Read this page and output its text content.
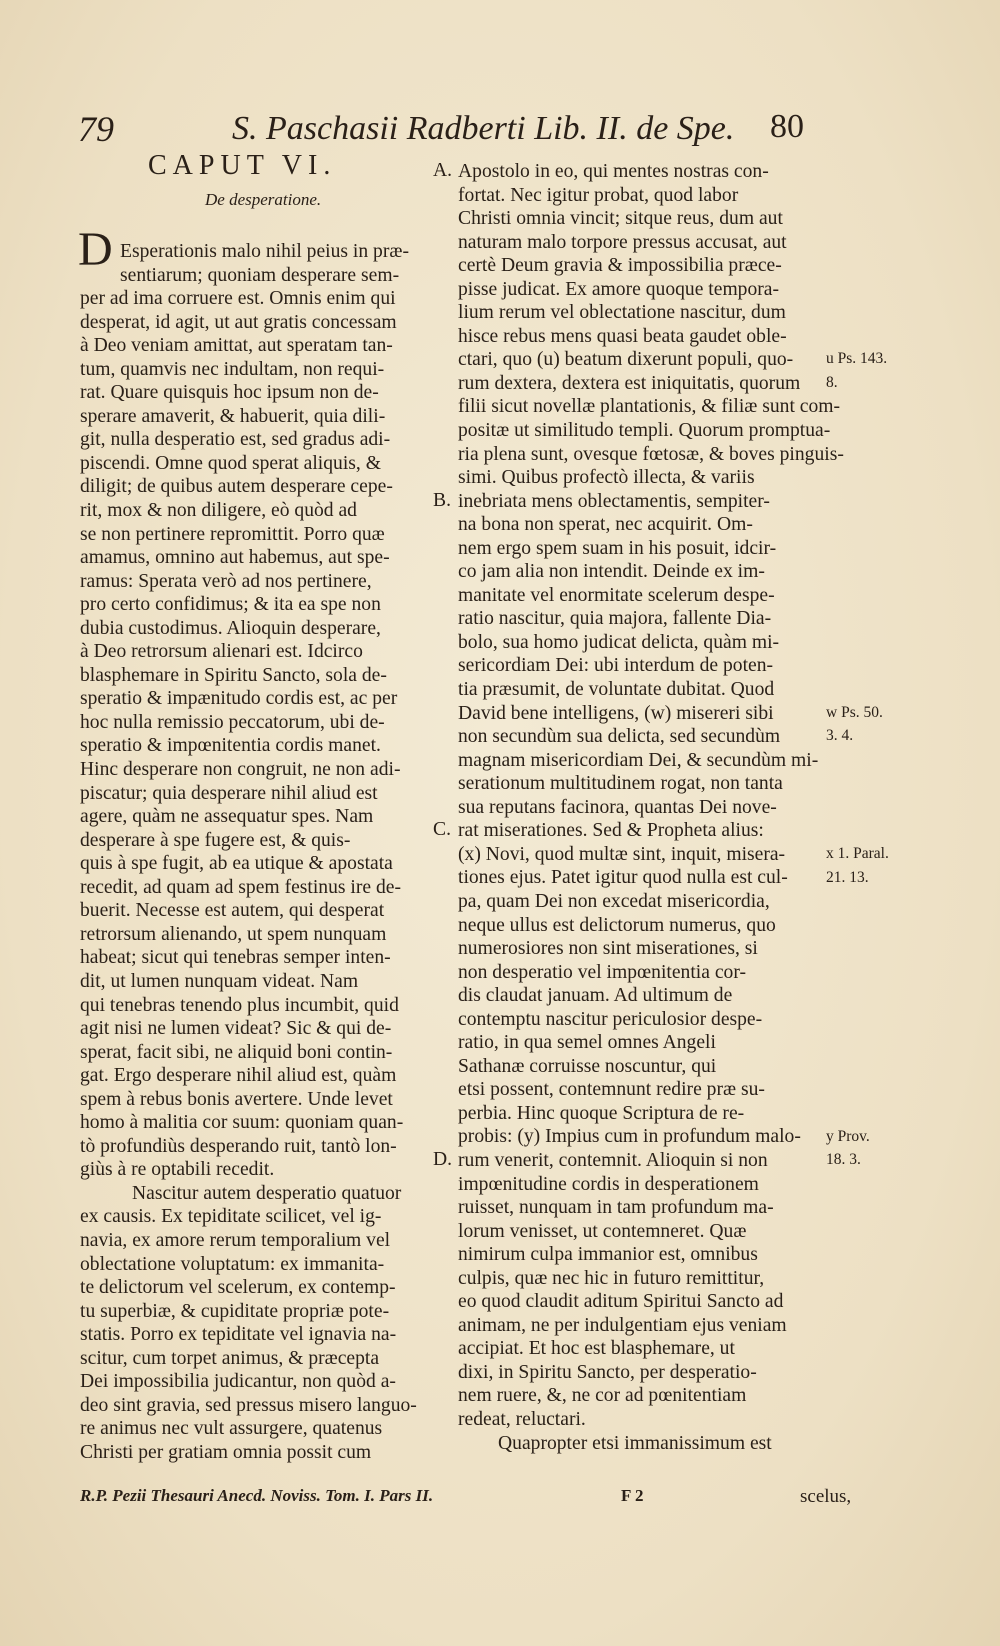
79	S. Paschasii Radberti Lib. II. de Spe. 80
CAPUT VI.
De desperatione.
D Esperationis malo nihil peius in præ-
sentiarum; quoniam desperare sem-
per ad ima corruere est. Omnis enim qui
desperat, id agit, ut aut gratis concessam
à Deo veniam amittat, aut speratam tan-
tum, quamvis nec indultam, non requi-
rat. Quare quisquis hoc ipsum non de-
sperare amaverit, & habuerit, quia dili-
git, nulla desperatio est, sed gradus adi-
piscendi. Omne quod sperat aliquis, &
diligit; de quibus autem desperare cepe-
rit, mox & non diligere, eò quòd ad
se non pertinere repromittit. Porro quæ
amamus, omnino aut habemus, aut spe-
ramus: Sperata verò ad nos pertinere,
pro certo confidimus; & ita ea spe non
dubia custodimus. Alioquin desperare,
à Deo retrorsum alienari est. Idcirco
blasphemare in Spiritu Sancto, sola de-
speratio & impænitudo cordis est, ac per
hoc nulla remissio peccatorum, ubi de-
speratio & impœnitentia cordis manet.
Hinc desperare non congruit, ne non adi-
piscatur; quia desperare nihil aliud est
agere, quàm ne assequatur spes. Nam
desperare à spe fugere est, & quis-
quis à spe fugit, ab ea utique & apostata
recedit, ad quam ad spem festinus ire de-
buerit. Necesse est autem, qui desperat
retrorsum alienando, ut spem nunquam
habeat; sicut qui tenebras semper inten-
dit, ut lumen nunquam videat. Nam
qui tenebras tenendo plus incumbit, quid
agit nisi ne lumen videat? Sic & qui de-
sperat, facit sibi, ne aliquid boni contin-
gat. Ergo desperare nihil aliud est, quàm
spem à rebus bonis avertere. Unde levet
homo à malitia cor suum: quoniam quan-
tò profundiùs desperando ruit, tantò lon-
giùs à re optabili recedit.
Nascitur autem desperatio quatuor
ex causis. Ex tepiditate scilicet, vel ig-
navia, ex amore rerum temporalium vel
oblectatione voluptatum: ex immanita-
te delictorum vel scelerum, ex contemp-
tu superbiæ, & cupiditate propriæ pote-
statis. Porro ex tepiditate vel ignavia na-
scitur, cum torpet animus, & præcepta
Dei impossibilia judicantur, non quòd a-
deo sint gravia, sed pressus misero languo-
re animus nec vult assurgere, quatenus
Christi per gratiam omnia possit cum
Apostolo in eo, qui mentes nostras con-
fortat. Nec igitur probat, quod labor
Christi omnia vincit; sitque reus, dum aut
naturam malo torpore pressus accusat, aut
certè Deum gravia & impossibilia præce-
pisse judicat. Ex amore quoque tempora-
lium rerum vel oblectatione nascitur, dum
hisce rebus mens quasi beata gaudet oble-
ctari, quo (u) beatum dixerunt populi, quo-
rum dextera, dextera est iniquitatis, quorum
filii sicut novellæ plantationis, & filiæ sunt com-
positæ ut similitudo templi. Quorum promptua-
ria plena sunt, ovesque fœtosæ, & boves pinguis-
simi. Quibus profectò illecta, & variis
inebriata mens oblectamentis, sempiter-
na bona non sperat, nec acquirit. Om-
nem ergo spem suam in his posuit, idcir-
co jam alia non intendit. Deinde ex im-
manitate vel enormitate scelerum despe-
ratio nascitur, quia majora, fallente Dia-
bolo, sua homo judicat delicta, quàm mi-
sericordiam Dei: ubi interdum de poten-
tia præsumit, de voluntate dubitat. Quod
David bene intelligens, (w) misereri sibi
non secundùm sua delicta, sed secundùm
magnam misericordiam Dei, & secundùm mi-
serationum multitudinem rogat, non tanta
sua reputans facinora, quantas Dei nove-
rat miserationes. Sed & Propheta alius:
(x) Novi, quod multæ sint, inquit, misera-
tiones ejus. Patet igitur quod nulla est cul-
pa, quam Dei non excedat misericordia,
neque ullus est delictorum numerus, quo
numerosiores non sint miserationes, si
non desperatio vel impœnitentia cor-
dis claudat januam. Ad ultimum de
contemptu nascitur periculosior despe-
ratio, in qua semel omnes Angeli
Sathanæ corruisse noscuntur, qui
etsi possent, contemnunt redire præ su-
perbia. Hinc quoque Scriptura de re-
probis: (y) Impius cum in profundum malo-
rum venerit, contemnit. Alioquin si non
impœnitudine cordis in desperationem
ruisset, nunquam in tam profundum ma-
lorum venisset, ut contemneret. Quæ
nimirum culpa immanior est, omnibus
culpis, quæ nec hic in futuro remittitur,
eo quod claudit aditum Spiritui Sancto ad
animam, ne per indulgentiam ejus veniam
accipiat. Et hoc est blasphemare, ut
dixi, in Spiritu Sancto, per desperatio-
nem ruere, &, ne cor ad pœnitentiam
redeat, reluctari.
Quapropter etsi immanissimum est
A.
B.
C.
D.
u Ps. 143.
8.
w Ps. 50.
3. 4.
x 1. Paral.
21. 13.
y Prov.
18. 3.
R.P. Pezii Thesauri Anecd. Noviss. Tom. I. Pars II.	F 2	scelus,
